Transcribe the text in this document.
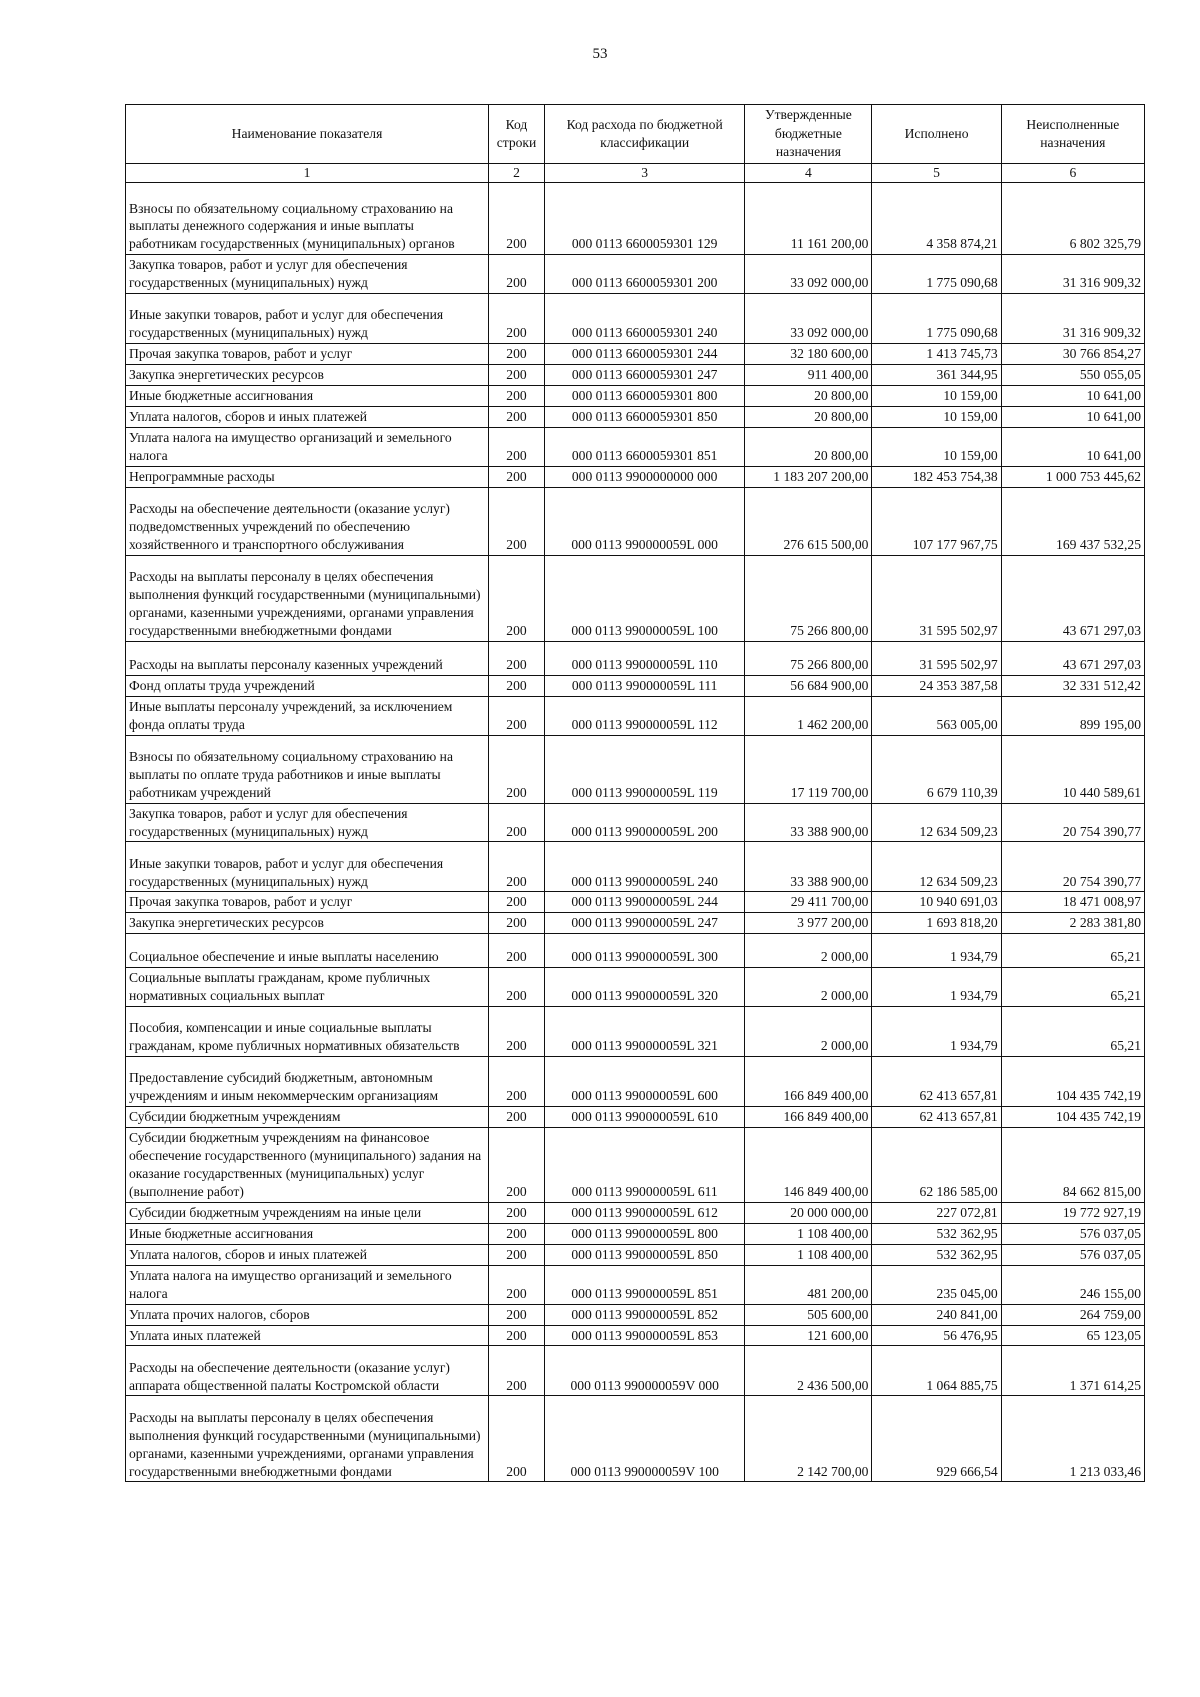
53
Наименование показателя	Код строки	Код расхода по бюджетной классификации	Утвержденные бюджетные назначения	Исполнено	Неисполненные назначения
1	2	3	4	5	6
Взносы по обязательному социальному страхованию на выплаты денежного содержания и иные выплаты работникам государственных (муниципальных) органов	200	000 0113 6600059301 129	11 161 200,00	4 358 874,21	6 802 325,79
Закупка товаров, работ и услуг для обеспечения государственных (муниципальных) нужд	200	000 0113 6600059301 200	33 092 000,00	1 775 090,68	31 316 909,32
Иные закупки товаров, работ и услуг для обеспечения государственных (муниципальных) нужд	200	000 0113 6600059301 240	33 092 000,00	1 775 090,68	31 316 909,32
Прочая закупка товаров, работ и услуг	200	000 0113 6600059301 244	32 180 600,00	1 413 745,73	30 766 854,27
Закупка энергетических ресурсов	200	000 0113 6600059301 247	911 400,00	361 344,95	550 055,05
Иные бюджетные ассигнования	200	000 0113 6600059301 800	20 800,00	10 159,00	10 641,00
Уплата налогов, сборов и иных платежей	200	000 0113 6600059301 850	20 800,00	10 159,00	10 641,00
Уплата налога на имущество организаций и земельного налога	200	000 0113 6600059301 851	20 800,00	10 159,00	10 641,00
Непрограммные расходы	200	000 0113 9900000000 000	1 183 207 200,00	182 453 754,38	1 000 753 445,62
Расходы на обеспечение деятельности (оказание услуг) подведомственных учреждений по обеспечению хозяйственного и транспортного обслуживания	200	000 0113 990000059L 000	276 615 500,00	107 177 967,75	169 437 532,25
Расходы на выплаты персоналу в целях обеспечения выполнения функций государственными (муниципальными) органами, казенными учреждениями, органами управления государственными внебюджетными фондами	200	000 0113 990000059L 100	75 266 800,00	31 595 502,97	43 671 297,03
Расходы на выплаты персоналу казенных учреждений	200	000 0113 990000059L 110	75 266 800,00	31 595 502,97	43 671 297,03
Фонд оплаты труда учреждений	200	000 0113 990000059L 111	56 684 900,00	24 353 387,58	32 331 512,42
Иные выплаты персоналу учреждений, за исключением фонда оплаты труда	200	000 0113 990000059L 112	1 462 200,00	563 005,00	899 195,00
Взносы по обязательному социальному страхованию на выплаты по оплате труда работников и иные выплаты работникам учреждений	200	000 0113 990000059L 119	17 119 700,00	6 679 110,39	10 440 589,61
Закупка товаров, работ и услуг для обеспечения государственных (муниципальных) нужд	200	000 0113 990000059L 200	33 388 900,00	12 634 509,23	20 754 390,77
Иные закупки товаров, работ и услуг для обеспечения государственных (муниципальных) нужд	200	000 0113 990000059L 240	33 388 900,00	12 634 509,23	20 754 390,77
Прочая закупка товаров, работ и услуг	200	000 0113 990000059L 244	29 411 700,00	10 940 691,03	18 471 008,97
Закупка энергетических ресурсов	200	000 0113 990000059L 247	3 977 200,00	1 693 818,20	2 283 381,80
Социальное обеспечение и иные выплаты населению	200	000 0113 990000059L 300	2 000,00	1 934,79	65,21
Социальные выплаты гражданам, кроме публичных нормативных социальных выплат	200	000 0113 990000059L 320	2 000,00	1 934,79	65,21
Пособия, компенсации и иные социальные выплаты гражданам, кроме публичных нормативных обязательств	200	000 0113 990000059L 321	2 000,00	1 934,79	65,21
Предоставление субсидий бюджетным, автономным учреждениям и иным некоммерческим организациям	200	000 0113 990000059L 600	166 849 400,00	62 413 657,81	104 435 742,19
Субсидии бюджетным учреждениям	200	000 0113 990000059L 610	166 849 400,00	62 413 657,81	104 435 742,19
Субсидии бюджетным учреждениям на финансовое обеспечение государственного (муниципального) задания на оказание государственных (муниципальных) услуг (выполнение работ)	200	000 0113 990000059L 611	146 849 400,00	62 186 585,00	84 662 815,00
Субсидии бюджетным учреждениям на иные цели	200	000 0113 990000059L 612	20 000 000,00	227 072,81	19 772 927,19
Иные бюджетные ассигнования	200	000 0113 990000059L 800	1 108 400,00	532 362,95	576 037,05
Уплата налогов, сборов и иных платежей	200	000 0113 990000059L 850	1 108 400,00	532 362,95	576 037,05
Уплата налога на имущество организаций и земельного налога	200	000 0113 990000059L 851	481 200,00	235 045,00	246 155,00
Уплата прочих налогов, сборов	200	000 0113 990000059L 852	505 600,00	240 841,00	264 759,00
Уплата иных платежей	200	000 0113 990000059L 853	121 600,00	56 476,95	65 123,05
Расходы на обеспечение деятельности (оказание услуг) аппарата общественной палаты Костромской области	200	000 0113 990000059V 000	2 436 500,00	1 064 885,75	1 371 614,25
Расходы на выплаты персоналу в целях обеспечения выполнения функций государственными (муниципальными) органами, казенными учреждениями, органами управления государственными внебюджетными фондами	200	000 0113 990000059V 100	2 142 700,00	929 666,54	1 213 033,46
